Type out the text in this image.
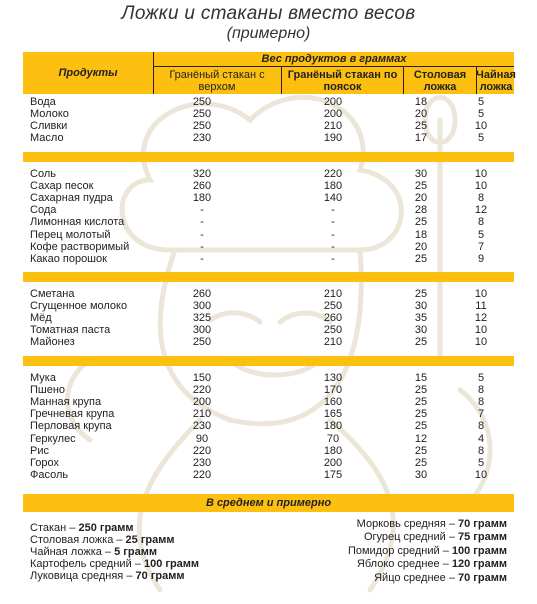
Ложки и стаканы вместо весов
(примерно)
Продукты
Вес продуктов в граммах
Гранёный стакан с верхом
Гранёный стакан по поясок
Столовая ложка
Чайная ложка
Вода	250	200	18	5
Молоко	250	200	20	5
Сливки	250	210	25	10
Масло	230	190	17	5
Соль	320	220	30	10
Сахар песок	260	180	25	10
Сахарная пудра	180	140	20	8
Сода	-	-	28	12
Лимонная кислота	-	-	25	8
Перец молотый	-	-	18	5
Кофе растворимый	-	-	20	7
Какао порошок	-	-	25	9
Сметана	260	210	25	10
Сгущенное молоко	300	250	30	11
Мёд	325	260	35	12
Томатная паста	300	250	30	10
Майонез	250	210	25	10
Мука	150	130	15	5
Пшено	220	170	25	8
Манная крупа	200	160	25	8
Гречневая крупа	210	165	25	7
Перловая крупа	230	180	25	8
Геркулес	90	70	12	4
Рис	220	180	25	8
Горох	230	200	25	5
Фасоль	220	175	30	10
В среднем и примерно
Стакан – 250 грамм
Столовая ложка – 25 грамм
Чайная ложка – 5 грамм
Картофель средний – 100 грамм
Луковица средняя – 70 грамм
Морковь средняя – 70 грамм
Огурец средний – 75 грамм
Помидор средний – 100 грамм
Яблоко среднее – 120 грамм
Яйцо среднее – 70 грамм
